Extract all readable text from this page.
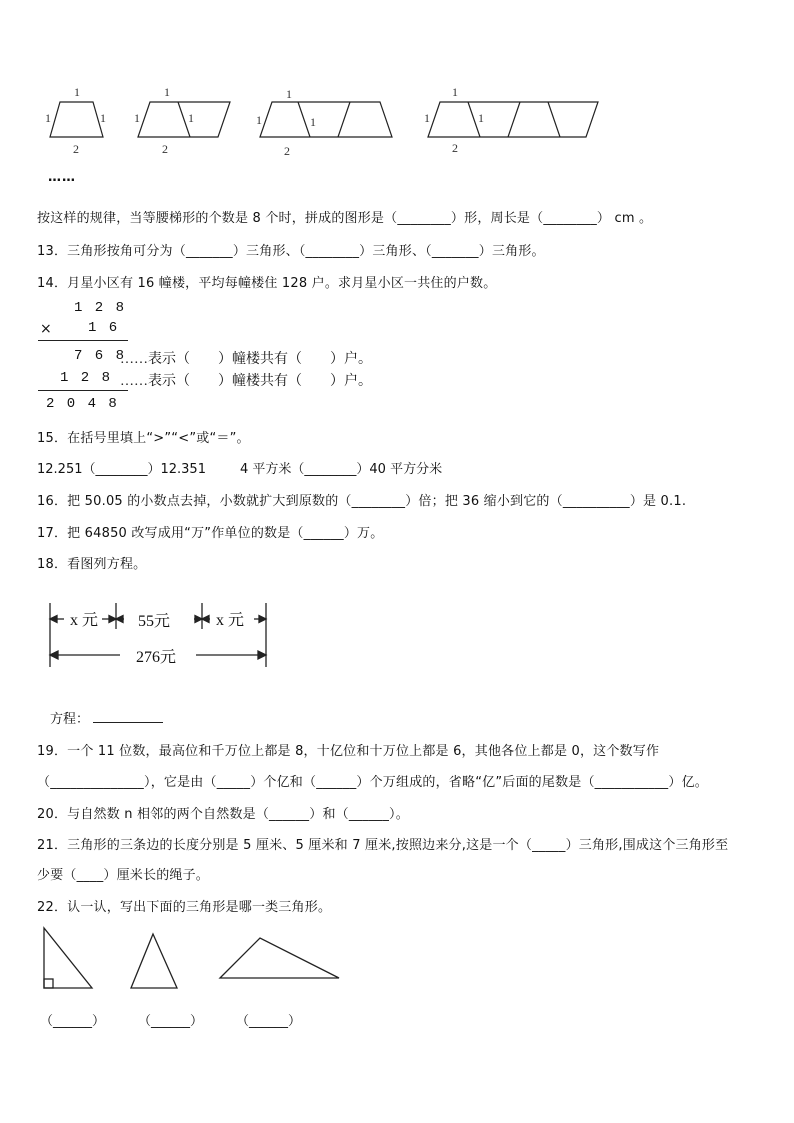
1
1	1
2
1
1	1
2
1
1	1
2
1
1	1
2
……
按这样的规律，当等腰梯形的个数是 8 个时，拼成的图形是（________）形，周长是（________） cm 。
13．三角形按角可分为（_______）三角形、（________）三角形、（_______）三角形。
14．月星小区有 16 幢楼，平均每幢楼住 128 户。求月星小区一共住的户数。
1 2 8
×	1 6
7 6 8
……表示（　　）幢楼共有（　　）户。
1 2 8 ……表示（　　）幢楼共有（　　）户。
2 0 4 8
15．在括号里填上“>”“<”或“＝”。
12.251（________）12.351	4 平方米（________）40 平方分米
16．把 50.05 的小数点去掉，小数就扩大到原数的（________）倍；把 36 缩小到它的（__________）是 0.1.
17．把 64850 改写成用“万”作单位的数是（______）万。
18．看图列方程。
x 元 55元	x 元
276元
方程：
19．一个 11 位数，最高位和千万位上都是 8，十亿位和十万位上都是 6，其他各位上都是 0，这个数写作
（______________），它是由（_____）个亿和（______）个万组成的，省略“亿”后面的尾数是（___________）亿。
20．与自然数 n 相邻的两个自然数是（______）和（______）。
21．三角形的三条边的长度分别是 5 厘米、5 厘米和 7 厘米,按照边来分,这是一个（_____）三角形,围成这个三角形至
少要（____）厘米长的绳子。
22．认一认，写出下面的三角形是哪一类三角形。
（______）	（______）	（______）
